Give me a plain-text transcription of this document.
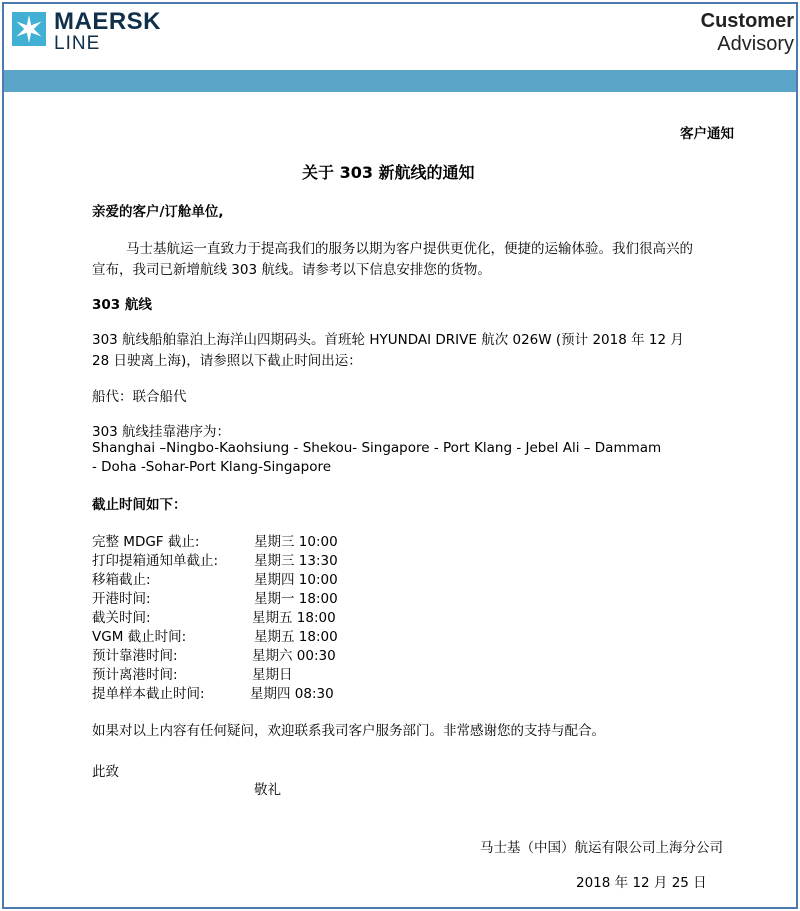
MAERSK
LINE
Customer
Advisory
客户通知
关于 303 新航线的通知
亲爱的客户/订舱单位,
马士基航运一直致力于提高我们的服务以期为客户提供更优化，便捷的运输体验。我们很高兴的
宣布，我司已新增航线 303 航线。请参考以下信息安排您的货物。
303 航线
303 航线船舶靠泊上海洋山四期码头。首班轮 HYUNDAI DRIVE 航次 026W (预计 2018 年 12 月
28 日驶离上海)，请参照以下截止时间出运：
船代：联合船代
303 航线挂靠港序为：
Shanghai –Ningbo-Kaohsiung - Shekou- Singapore - Port Klang - Jebel Ali – Dammam
- Doha -Sohar-Port Klang-Singapore
截止时间如下：
完整 MDGF 截止:	星期三 10:00
打印提箱通知单截止:	星期三 13:30
移箱截止:	星期四 10:00
开港时间:	星期一 18:00
截关时间:	星期五 18:00
VGM 截止时间:	星期五 18:00
预计靠港时间:	星期六 00:30
预计离港时间:	星期日
提单样本截止时间:	星期四 08:30
如果对以上内容有任何疑问，欢迎联系我司客户服务部门。非常感谢您的支持与配合。
此致
敬礼
马士基（中国）航运有限公司上海分公司
2018 年 12 月 25 日
